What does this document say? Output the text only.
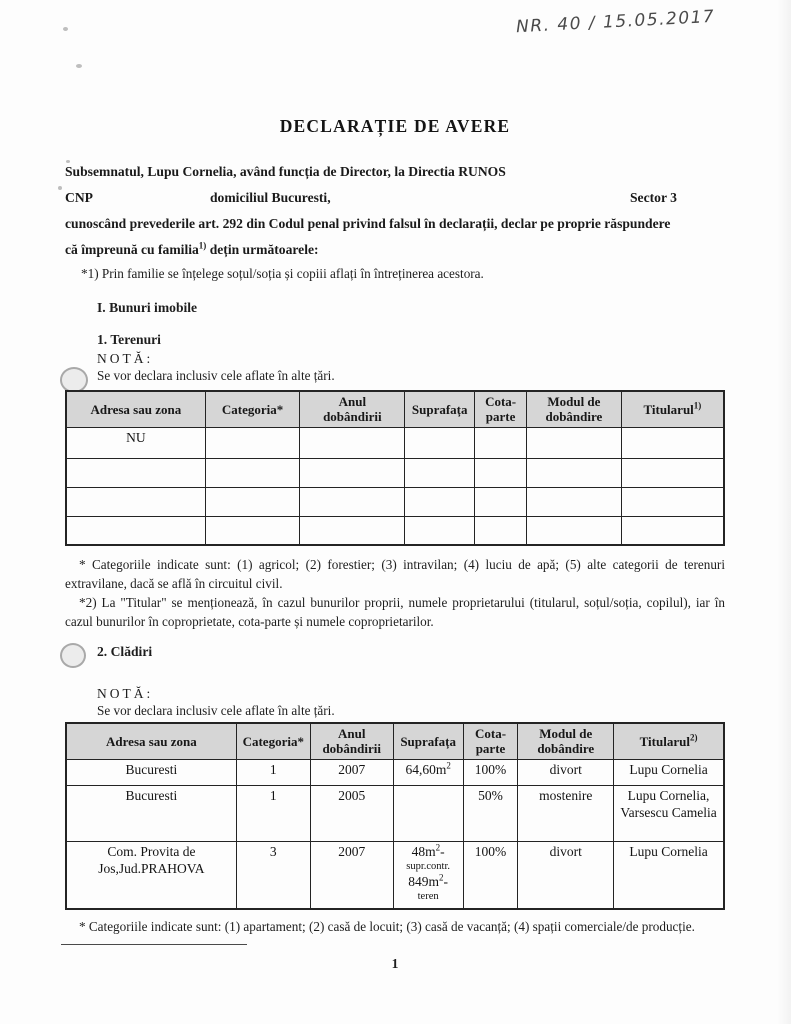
NR. 40 / 15.05.2017
DECLARAȚIE DE AVERE
Subsemnatul, Lupu Cornelia, având funcția de Director, la Directia RUNOS
CNP	domiciliul Bucuresti,	Sector 3
cunoscând prevederile art. 292 din Codul penal privind falsul în declarații, declar pe proprie răspundere
că împreună cu familia$^{1)}$ dețin următoarele:
*1) Prin familie se înțelege soțul/soția și copiii aflați în întreținerea acestora.
I. Bunuri imobile
1. Terenuri
NOTĂ:
Se vor declara inclusiv cele aflate în alte țări.
Adresa sau zona	Categoria*	Anul dobândirii	Suprafața	Cota-parte	Modul de dobândire	Titularul$^{1)}$
NU						

* Categoriile indicate sunt: (1) agricol; (2) forestier; (3) intravilan; (4) luciu de apă; (5) alte categorii de terenuri extravilane, dacă se află în circuitul civil.
*2) La "Titular" se menționează, în cazul bunurilor proprii, numele proprietarului (titularul, soțul/soția, copilul), iar în cazul bunurilor în coproprietate, cota-parte și numele coproprietarilor.
2. Clădiri
NOTĂ:
Se vor declara inclusiv cele aflate în alte țări.
Adresa sau zona	Categoria*	Anul dobândirii	Suprafața	Cota-parte	Modul de dobândire	Titularul$^{2)}$
Bucuresti	1	2007	$64,60m^2$	100%	divort	Lupu Cornelia
Bucuresti	1	2005		50%	mostenire	Lupu Cornelia, Varsescu Camelia
Com. Provita de Jos,Jud.PRAHOVA	3	2007	$48m^2-$
supr.contr.
$849m^2-$
teren	100%	divort	Lupu Cornelia
* Categoriile indicate sunt: (1) apartament; (2) casă de locuit; (3) casă de vacanță; (4) spații comerciale/de producție.
1
